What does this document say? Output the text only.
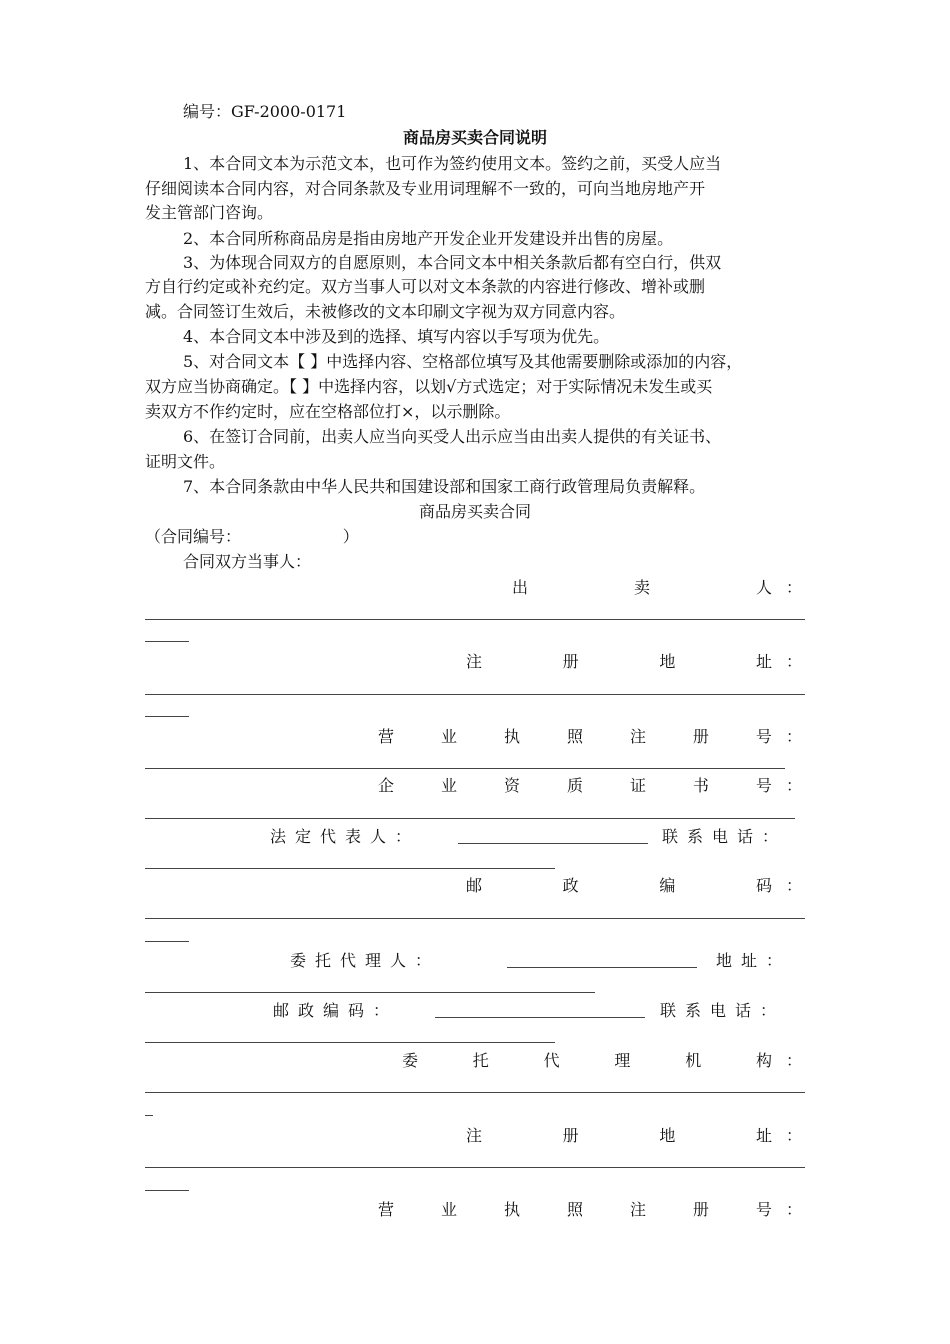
编号：GF-2000-0171
商品房买卖合同说明
1、本合同文本为示范文本，也可作为签约使用文本。签约之前，买受人应当
仔细阅读本合同内容，对合同条款及专业用词理解不一致的，可向当地房地产开
发主管部门咨询。
2、本合同所称商品房是指由房地产开发企业开发建设并出售的房屋。
3、为体现合同双方的自愿原则，本合同文本中相关条款后都有空白行，供双
方自行约定或补充约定。双方当事人可以对文本条款的内容进行修改、增补或删
减。合同签订生效后，未被修改的文本印刷文字视为双方同意内容。
4、本合同文本中涉及到的选择、填写内容以手写项为优先。
5、对合同文本【 】中选择内容、空格部位填写及其他需要删除或添加的内容，
双方应当协商确定。【 】中选择内容，以划√方式选定；对于实际情况未发生或买
卖双方不作约定时，应在空格部位打×，以示删除。
6、在签订合同前，出卖人应当向买受人出示应当由出卖人提供的有关证书、
证明文件。
7、本合同条款由中华人民共和国建设部和国家工商行政管理局负责解释。
商品房买卖合同
（合同编号：                    ）
合同双方当事人：
出	卖	人 ：
注	册	地	址 ：
营	业	执	照	注	册	号 ：
企	业	资	质	证	书	号 ：
法定代表人：	联系电话：
邮	政	编	码 ：
委托代理人：	地址：
邮政编码：	联系电话：
委	托	代	理	机	构 ：
注	册	地	址 ：
营	业	执	照	注	册	号 ：
